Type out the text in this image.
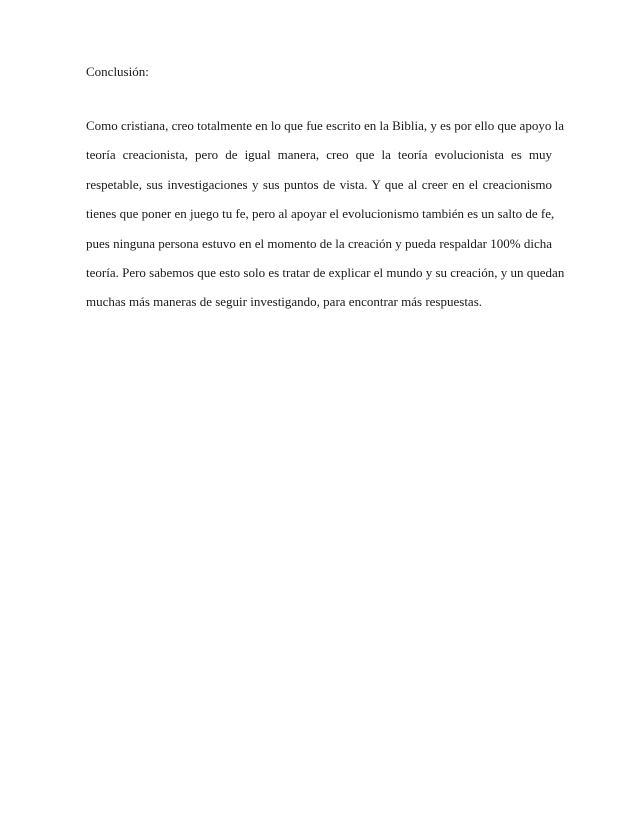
Conclusión:

Como cristiana, creo totalmente en lo que fue escrito en la Biblia, y es por ello que apoyo la
teoría creacionista, pero de igual manera, creo que la teoría evolucionista es muy
respetable, sus investigaciones y sus puntos de vista. Y que al creer en el creacionismo
tienes que poner en juego tu fe, pero al apoyar el evolucionismo también es un salto de fe,
pues ninguna persona estuvo en el momento de la creación y pueda respaldar 100% dicha
teoría. Pero sabemos que esto solo es tratar de explicar el mundo y su creación, y un quedan
muchas más maneras de seguir investigando, para encontrar más respuestas.
